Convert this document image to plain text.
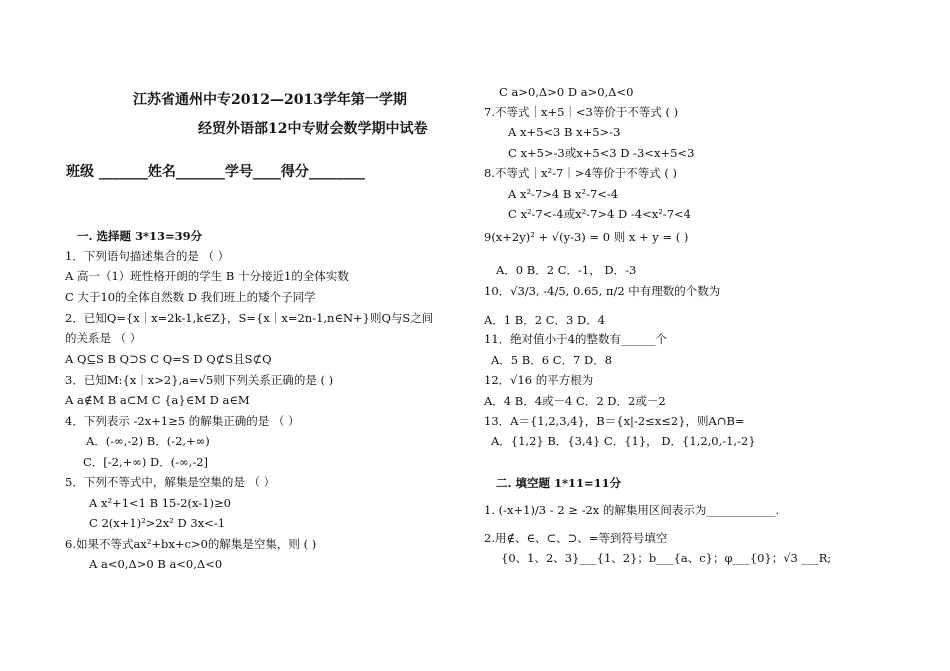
江苏省通州中专2012—2013学年第一学期
经贸外语部12中专财会数学期中试卷
班级 _______姓名_______学号____得分________
一. 选择题 3*13=39分
1．下列语句描述集合的是 （ ）
A 高一（1）班性格开朗的学生 B 十分接近1的全体实数
C 大于10的全体自然数 D 我们班上的矮个子同学
2．已知Q={x｜x=2k-1,k∈Z}，S={x｜x=2n-1,n∈N+}则Q与S之间
的关系是 （ ）
A Q⊆S B Q⊃S C Q=S D Q⊄S且S⊄Q
3．已知M:{x｜x>2},a=√5则下列关系正确的是 ( )
A a∉M B a⊂M C {a}∈M D a∈M
4．下列表示 -2x+1≥5 的解集正确的是 （ ）
A．(-∞,-2) B．(-2,+∞)
C．[-2,+∞) D．(-∞,-2]
5．下列不等式中，解集是空集的是 （ ）
A x²+1<1 B 15-2(x-1)≥0
C 2(x+1)²>2x² D 3x<-1
6.如果不等式ax²+bx+c>0的解集是空集，则 ( )
A a<0,Δ>0 B a<0,Δ<0
C a>0,Δ>0 D a>0,Δ<0
7.不等式｜x+5｜<3等价于不等式 ( )
A x+5<3 B x+5>-3
C x+5>-3或x+5<3 D -3<x+5<3
8.不等式｜x²-7｜>4等价于不等式 ( )
A x²-7>4 B x²-7<-4
C x²-7<-4或x²-7>4 D -4<x²-7<4
9(x+2y)² + √(y-3) = 0 则 x + y = ( )
A．0 B．2 C．-1， D．-3
10．√3/3, -4/5, 0.65, π/2 中有理数的个数为
A．1 B．2 C．3 D．4
11．绝对值小于4的整数有______个
A．5 B．6 C．7 D．8
12．√16 的平方根为
A．4 B．4或－4 C．2 D．2或－2
13．A＝{1,2,3,4}，B＝{x|-2≤x≤2}，则A∩B=
A．{1,2} B．{3,4} C．{1}， D．{1,2,0,-1,-2}
二. 填空题 1*11=11分
1. (-x+1)/3 - 2 ≥ -2x 的解集用区间表示为____________.
2.用∉、∈、⊂、⊃、=等到符号填空
{0、1、2、3}___{1、2}；b___{a、c}；φ___{0}；√3 ___R;
